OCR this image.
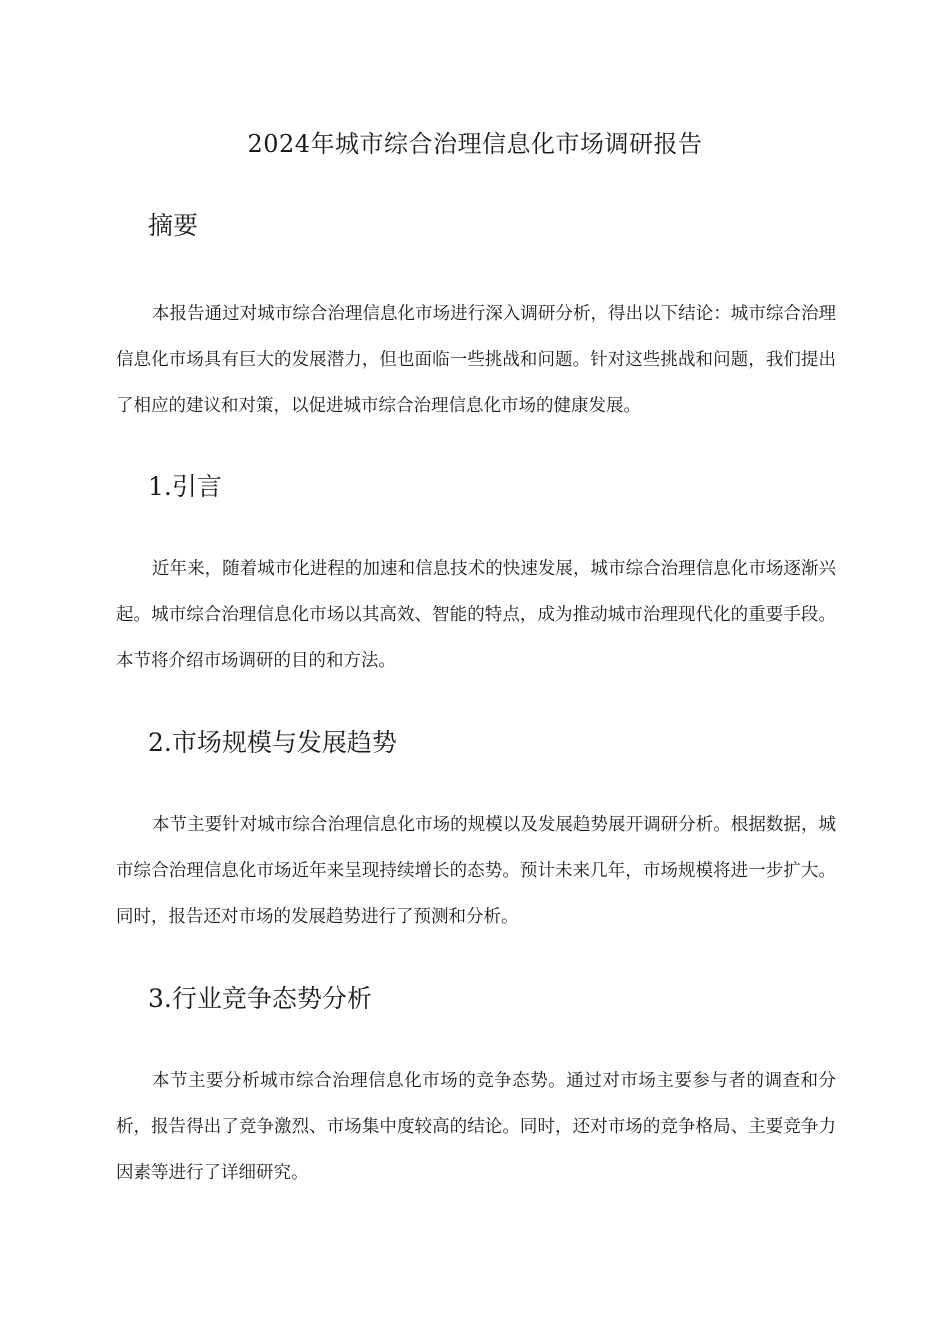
2024年城市综合治理信息化市场调研报告
摘要

本报告通过对城市综合治理信息化市场进行深入调研分析，得出以下结论：城市综合治理信息化市场具有巨大的发展潜力，但也面临一些挑战和问题。针对这些挑战和问题，我们提出了相应的建议和对策，以促进城市综合治理信息化市场的健康发展。

1.引言

近年来，随着城市化进程的加速和信息技术的快速发展，城市综合治理信息化市场逐渐兴起。城市综合治理信息化市场以其高效、智能的特点，成为推动城市治理现代化的重要手段。本节将介绍市场调研的目的和方法。

2.市场规模与发展趋势

本节主要针对城市综合治理信息化市场的规模以及发展趋势展开调研分析。根据数据，城市综合治理信息化市场近年来呈现持续增长的态势。预计未来几年，市场规模将进一步扩大。同时，报告还对市场的发展趋势进行了预测和分析。

3.行业竞争态势分析

本节主要分析城市综合治理信息化市场的竞争态势。通过对市场主要参与者的调查和分析，报告得出了竞争激烈、市场集中度较高的结论。同时，还对市场的竞争格局、主要竞争力因素等进行了详细研究。
